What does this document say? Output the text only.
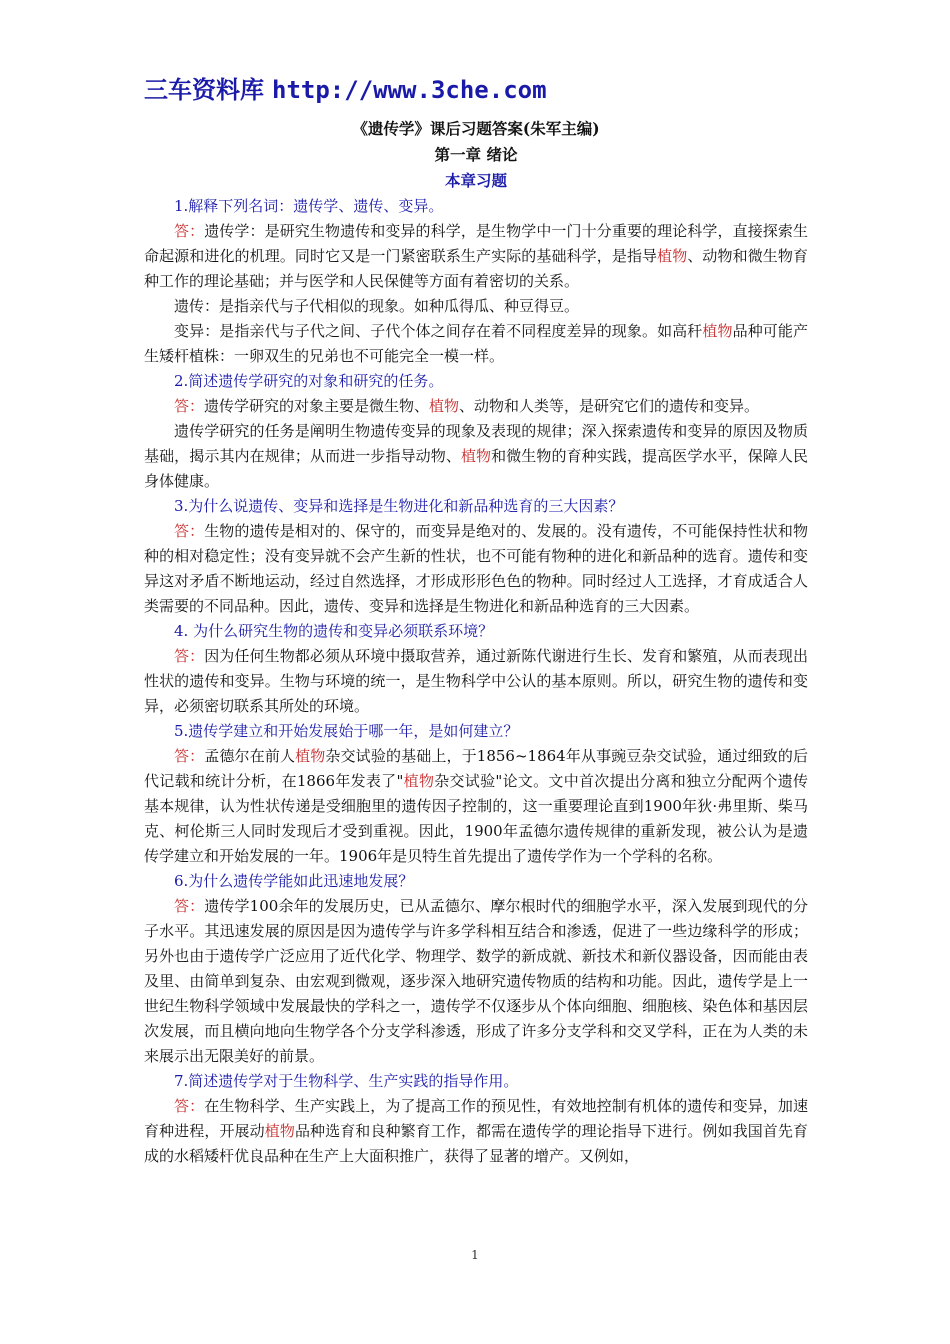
三车资料库 http://www.3che.com
《遗传学》课后习题答案(朱军主编)
第一章 绪论
本章习题

1.解释下列名词：遗传学、遗传、变异。

答：遗传学：是研究生物遗传和变异的科学，是生物学中一门十分重要的理论科学，直接探索生命起源和进化的机理。同时它又是一门紧密联系生产实际的基础科学，是指导植物、动物和微生物育种工作的理论基础；并与医学和人民保健等方面有着密切的关系。

遗传：是指亲代与子代相似的现象。如种瓜得瓜、种豆得豆。

变异：是指亲代与子代之间、子代个体之间存在着不同程度差异的现象。如高秆植物品种可能产生矮杆植株：一卵双生的兄弟也不可能完全一模一样。

2.简述遗传学研究的对象和研究的任务。

答：遗传学研究的对象主要是微生物、植物、动物和人类等，是研究它们的遗传和变异。

遗传学研究的任务是阐明生物遗传变异的现象及表现的规律；深入探索遗传和变异的原因及物质基础，揭示其内在规律；从而进一步指导动物、植物和微生物的育种实践，提高医学水平，保障人民身体健康。

3.为什么说遗传、变异和选择是生物进化和新品种选育的三大因素？

答：生物的遗传是相对的、保守的，而变异是绝对的、发展的。没有遗传，不可能保持性状和物种的相对稳定性；没有变异就不会产生新的性状，也不可能有物种的进化和新品种的选育。遗传和变异这对矛盾不断地运动，经过自然选择，才形成形形色色的物种。同时经过人工选择，才育成适合人类需要的不同品种。因此，遗传、变异和选择是生物进化和新品种选育的三大因素。

4. 为什么研究生物的遗传和变异必须联系环境？

答：因为任何生物都必须从环境中摄取营养，通过新陈代谢进行生长、发育和繁殖，从而表现出性状的遗传和变异。生物与环境的统一，是生物科学中公认的基本原则。所以，研究生物的遗传和变异，必须密切联系其所处的环境。

5.遗传学建立和开始发展始于哪一年，是如何建立？

答：孟德尔在前人植物杂交试验的基础上，于1856~1864年从事豌豆杂交试验，通过细致的后代记载和统计分析，在1866年发表了"植物杂交试验"论文。文中首次提出分离和独立分配两个遗传基本规律，认为性状传递是受细胞里的遗传因子控制的，这一重要理论直到1900年狄·弗里斯、柴马克、柯伦斯三人同时发现后才受到重视。因此，1900年孟德尔遗传规律的重新发现，被公认为是遗传学建立和开始发展的一年。1906年是贝特生首先提出了遗传学作为一个学科的名称。

6.为什么遗传学能如此迅速地发展？

答：遗传学100余年的发展历史，已从孟德尔、摩尔根时代的细胞学水平，深入发展到现代的分子水平。其迅速发展的原因是因为遗传学与许多学科相互结合和渗透，促进了一些边缘科学的形成；另外也由于遗传学广泛应用了近代化学、物理学、数学的新成就、新技术和新仪器设备，因而能由表及里、由简单到复杂、由宏观到微观，逐步深入地研究遗传物质的结构和功能。因此，遗传学是上一世纪生物科学领域中发展最快的学科之一，遗传学不仅逐步从个体向细胞、细胞核、染色体和基因层次发展，而且横向地向生物学各个分支学科渗透，形成了许多分支学科和交叉学科，正在为人类的未来展示出无限美好的前景。

7.简述遗传学对于生物科学、生产实践的指导作用。

答：在生物科学、生产实践上，为了提高工作的预见性，有效地控制有机体的遗传和变异，加速育种进程，开展动植物品种选育和良种繁育工作，都需在遗传学的理论指导下进行。例如我国首先育成的水稻矮杆优良品种在生产上大面积推广，获得了显著的增产。又例如，

1
